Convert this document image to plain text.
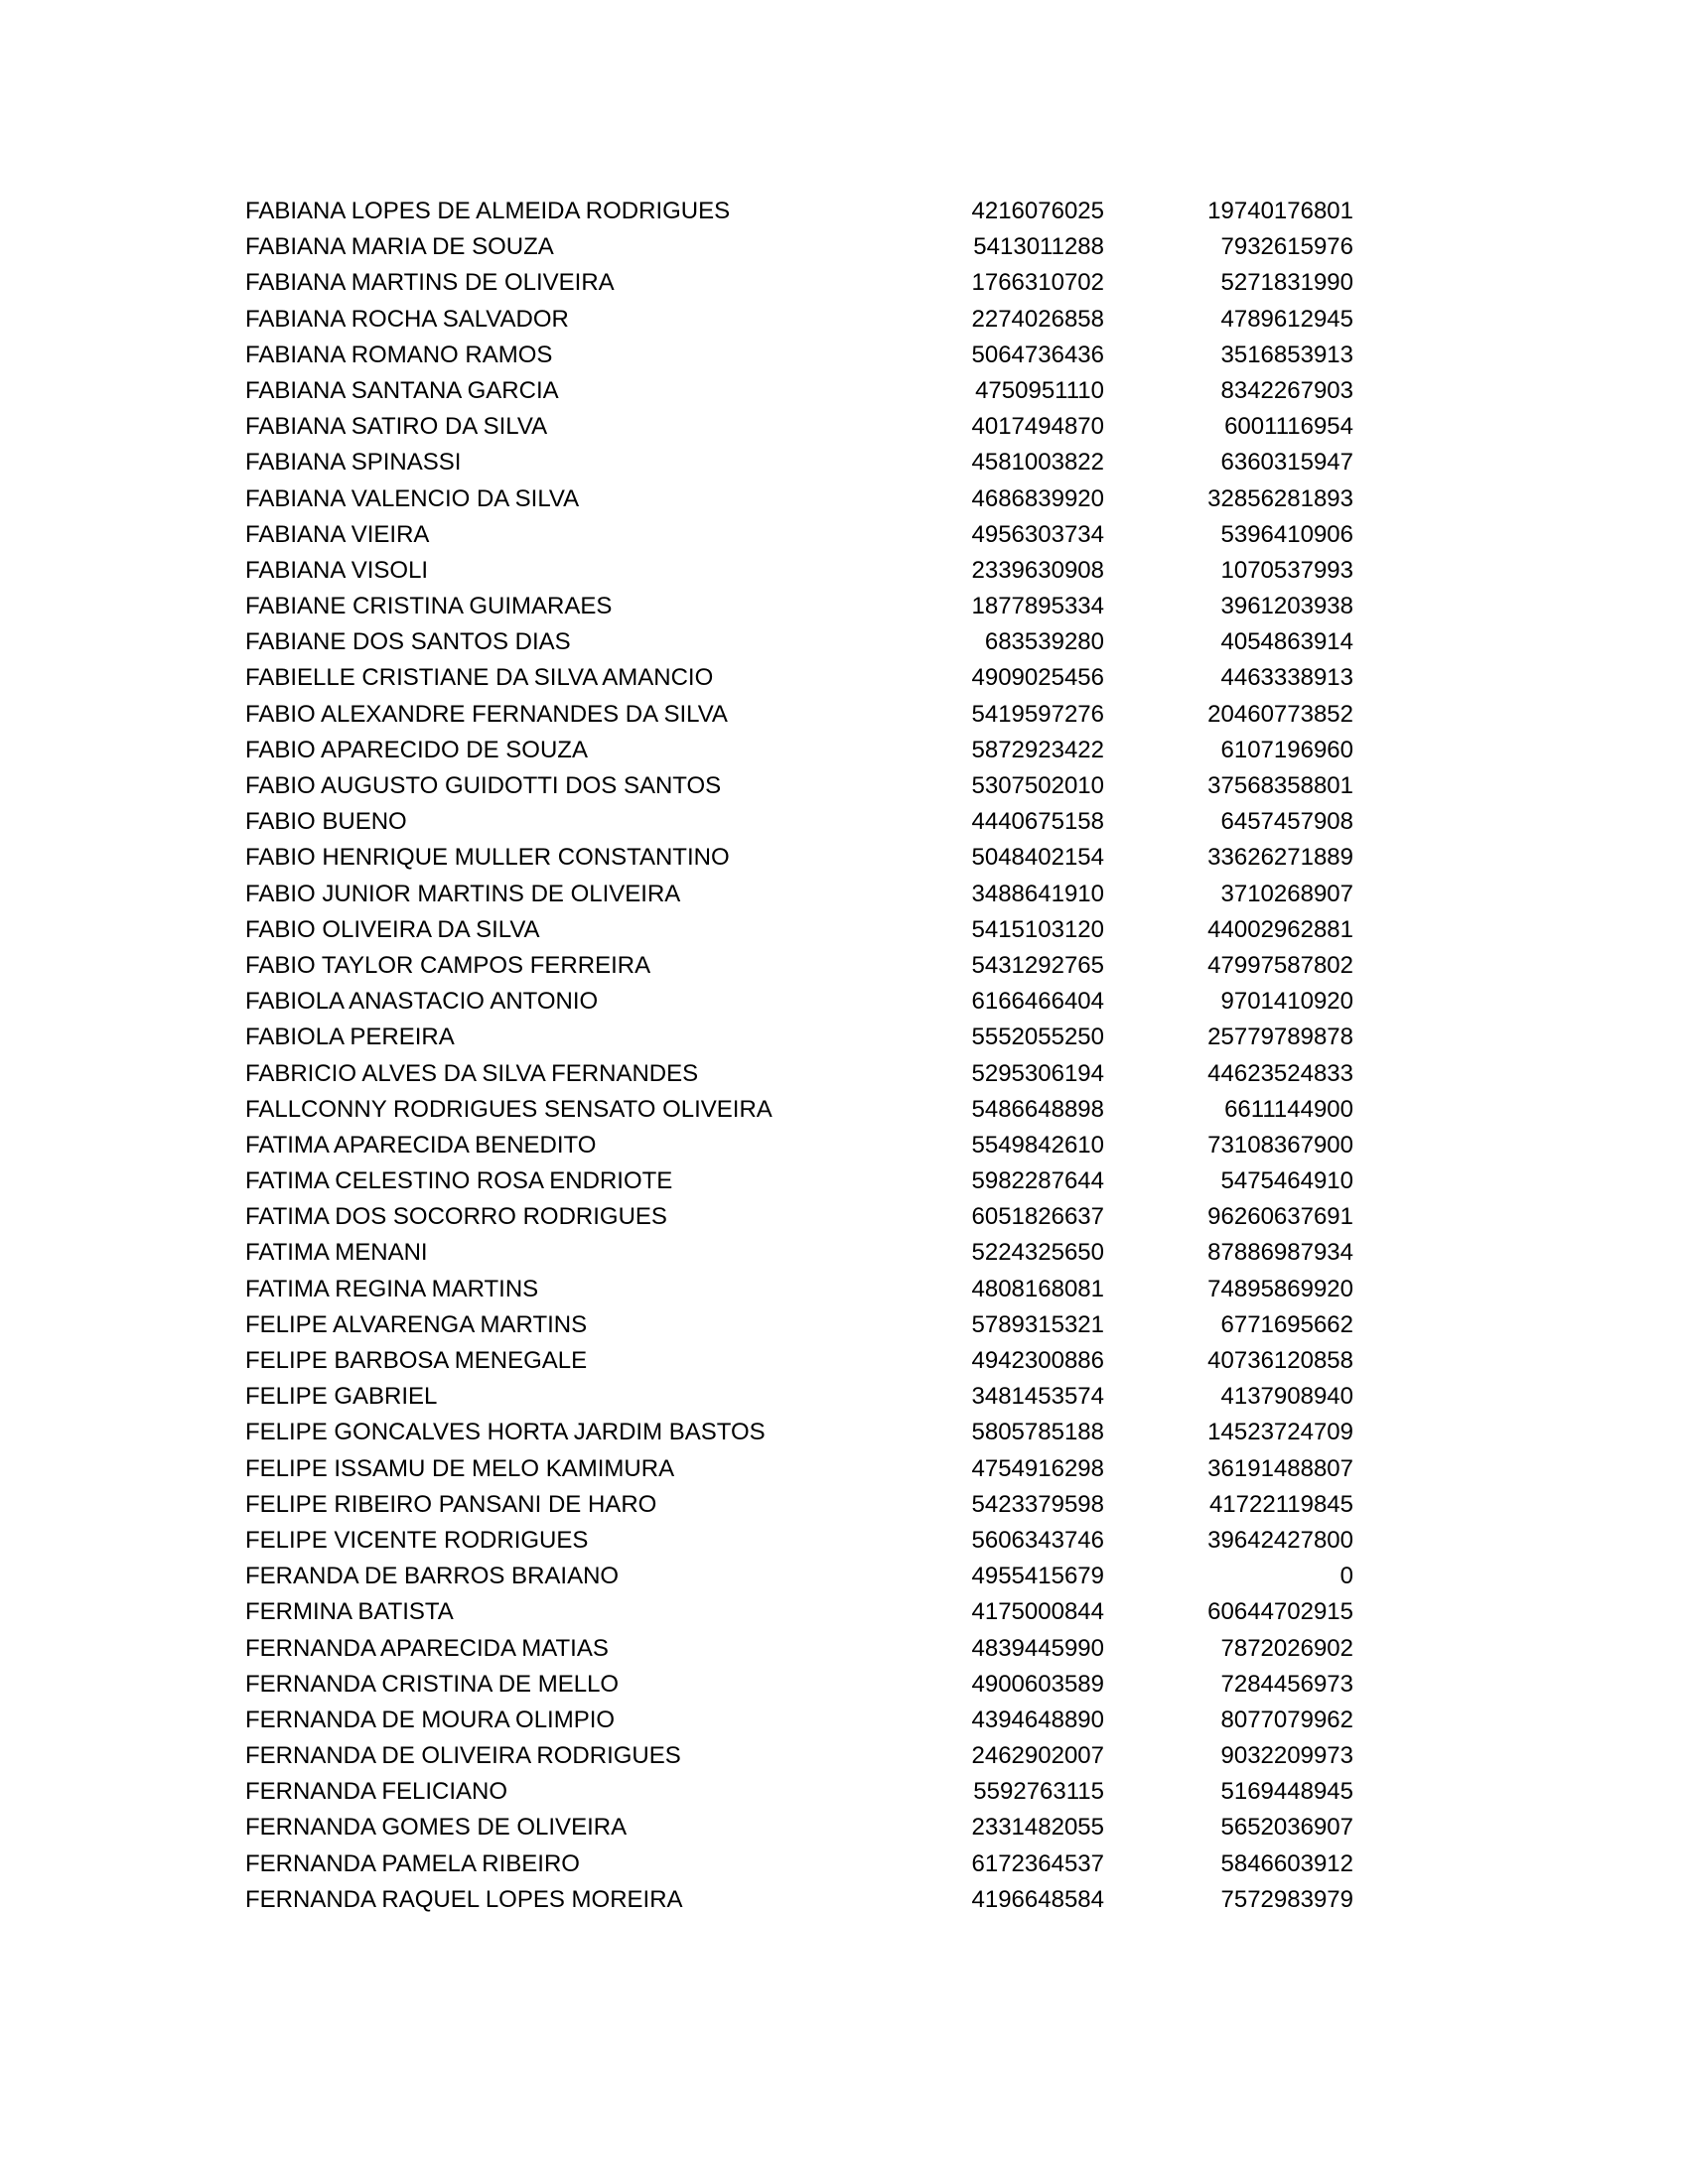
FABIANA LOPES DE ALMEIDA RODRIGUES	4216076025	19740176801
FABIANA MARIA DE SOUZA	5413011288	7932615976
FABIANA MARTINS DE OLIVEIRA	1766310702	5271831990
FABIANA ROCHA SALVADOR	2274026858	4789612945
FABIANA ROMANO RAMOS	5064736436	3516853913
FABIANA SANTANA GARCIA	4750951110	8342267903
FABIANA SATIRO DA SILVA	4017494870	6001116954
FABIANA SPINASSI	4581003822	6360315947
FABIANA VALENCIO DA SILVA	4686839920	32856281893
FABIANA VIEIRA	4956303734	5396410906
FABIANA VISOLI	2339630908	1070537993
FABIANE CRISTINA GUIMARAES	1877895334	3961203938
FABIANE DOS SANTOS DIAS	683539280	4054863914
FABIELLE CRISTIANE DA SILVA AMANCIO	4909025456	4463338913
FABIO ALEXANDRE FERNANDES DA SILVA	5419597276	20460773852
FABIO APARECIDO DE SOUZA	5872923422	6107196960
FABIO AUGUSTO GUIDOTTI DOS SANTOS	5307502010	37568358801
FABIO BUENO	4440675158	6457457908
FABIO HENRIQUE MULLER CONSTANTINO	5048402154	33626271889
FABIO JUNIOR MARTINS DE OLIVEIRA	3488641910	3710268907
FABIO OLIVEIRA DA SILVA	5415103120	44002962881
FABIO TAYLOR CAMPOS FERREIRA	5431292765	47997587802
FABIOLA ANASTACIO ANTONIO	6166466404	9701410920
FABIOLA PEREIRA	5552055250	25779789878
FABRICIO ALVES DA SILVA FERNANDES	5295306194	44623524833
FALLCONNY RODRIGUES SENSATO OLIVEIRA	5486648898	6611144900
FATIMA APARECIDA BENEDITO	5549842610	73108367900
FATIMA CELESTINO ROSA ENDRIOTE	5982287644	5475464910
FATIMA DOS SOCORRO RODRIGUES	6051826637	96260637691
FATIMA MENANI	5224325650	87886987934
FATIMA REGINA MARTINS	4808168081	74895869920
FELIPE ALVARENGA MARTINS	5789315321	6771695662
FELIPE BARBOSA MENEGALE	4942300886	40736120858
FELIPE GABRIEL	3481453574	4137908940
FELIPE GONCALVES HORTA JARDIM BASTOS	5805785188	14523724709
FELIPE ISSAMU DE MELO KAMIMURA	4754916298	36191488807
FELIPE RIBEIRO PANSANI DE HARO	5423379598	41722119845
FELIPE VICENTE RODRIGUES	5606343746	39642427800
FERANDA DE BARROS BRAIANO	4955415679	0
FERMINA BATISTA	4175000844	60644702915
FERNANDA APARECIDA MATIAS	4839445990	7872026902
FERNANDA CRISTINA DE MELLO	4900603589	7284456973
FERNANDA DE MOURA OLIMPIO	4394648890	8077079962
FERNANDA DE OLIVEIRA RODRIGUES	2462902007	9032209973
FERNANDA FELICIANO	5592763115	5169448945
FERNANDA GOMES DE OLIVEIRA	2331482055	5652036907
FERNANDA PAMELA RIBEIRO	6172364537	5846603912
FERNANDA RAQUEL LOPES MOREIRA	4196648584	7572983979
